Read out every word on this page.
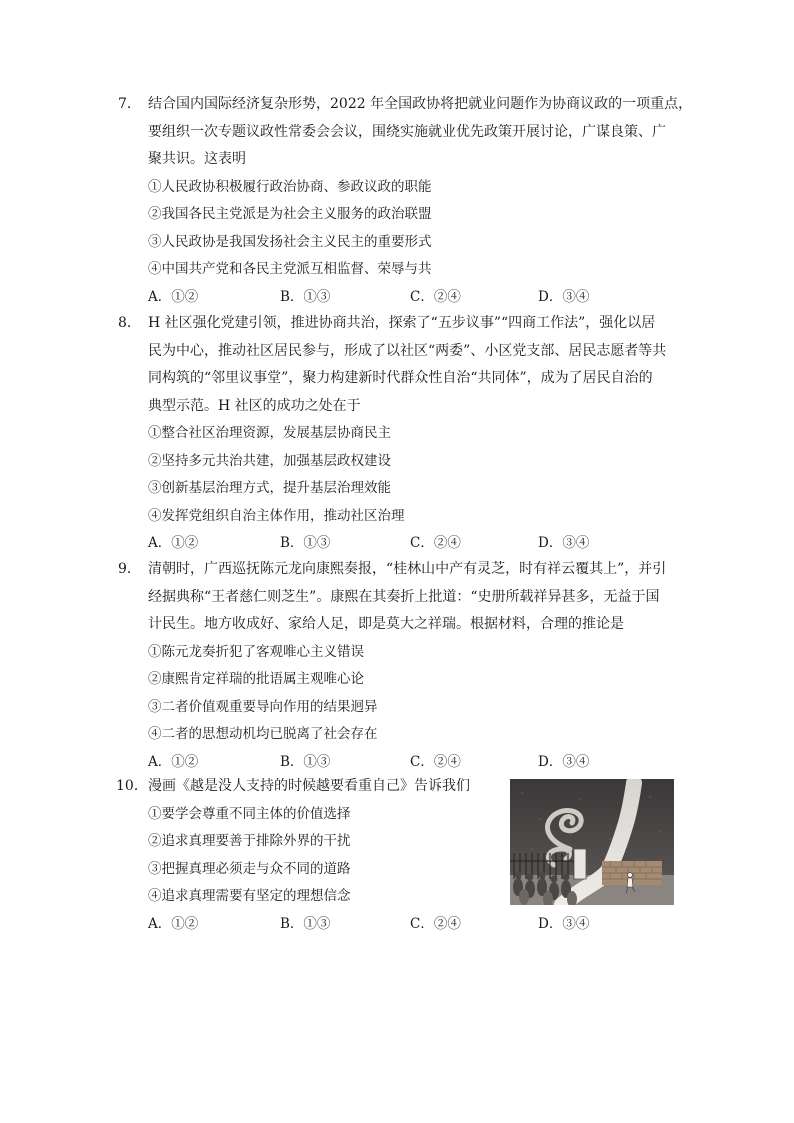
7． 结合国内国际经济复杂形势，2022 年全国政协将把就业问题作为协商议政的一项重点，
要组织一次专题议政性常委会会议，围绕实施就业优先政策开展讨论，广谋良策、广
聚共识。这表明
①人民政协积极履行政治协商、参政议政的职能
②我国各民主党派是为社会主义服务的政治联盟
③人民政协是我国发扬社会主义民主的重要形式
④中国共产党和各民主党派互相监督、荣辱与共
A．①②	B．①③	C．②④	D．③④
8． H 社区强化党建引领，推进协商共治，探索了“五步议事”“四商工作法”，强化以居
民为中心，推动社区居民参与，形成了以社区“两委”、小区党支部、居民志愿者等共
同构筑的“邻里议事堂”，聚力构建新时代群众性自治“共同体”，成为了居民自治的
典型示范。H 社区的成功之处在于
①整合社区治理资源，发展基层协商民主
②坚持多元共治共建，加强基层政权建设
③创新基层治理方式，提升基层治理效能
④发挥党组织自治主体作用，推动社区治理
A．①②	B．①③	C．②④	D．③④
9． 清朝时，广西巡抚陈元龙向康熙奏报，“桂林山中产有灵芝，时有祥云覆其上”，并引
经据典称“王者慈仁则芝生”。康熙在其奏折上批道：“史册所载祥异甚多，无益于国
计民生。地方收成好、家给人足，即是莫大之祥瑞。根据材料，合理的推论是
①陈元龙奏折犯了客观唯心主义错误
②康熙肯定祥瑞的批语属主观唯心论
③二者价值观重要导向作用的结果迥异
④二者的思想动机均已脱离了社会存在
A．①②	B．①③	C．②④	D．③④
10． 漫画《越是没人支持的时候越要看重自己》告诉我们
①要学会尊重不同主体的价值选择
②追求真理要善于排除外界的干扰
③把握真理必须走与众不同的道路
④追求真理需要有坚定的理想信念
A．①②	B．①③	C．②④	D．③④
